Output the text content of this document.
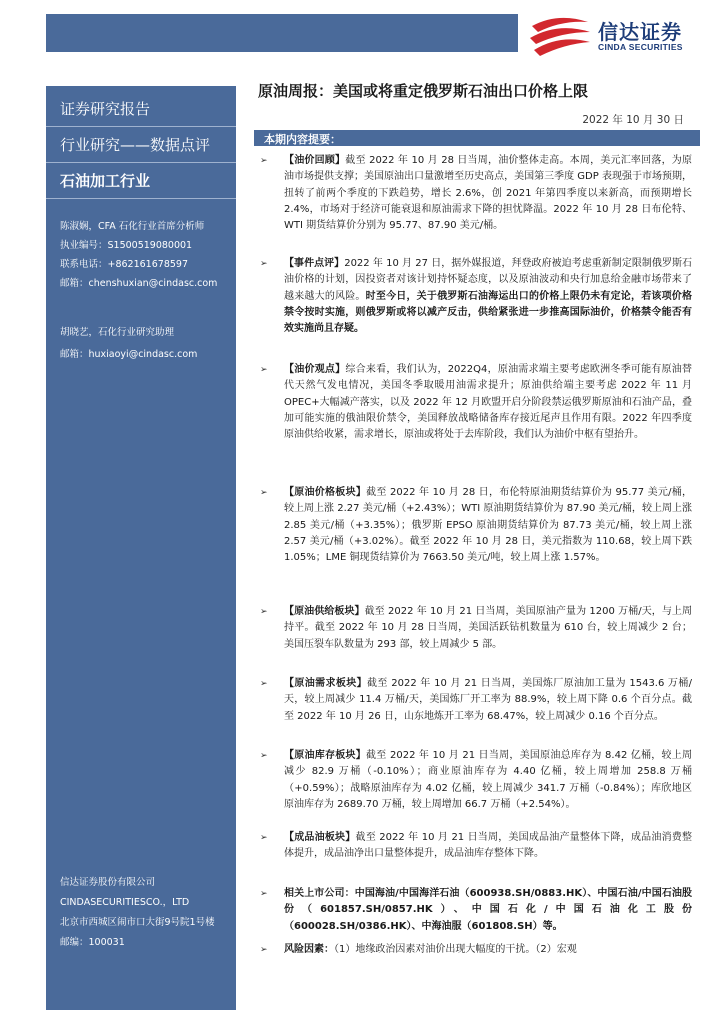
信达证券
CINDA SECURITIES
证券研究报告
行业研究——数据点评
石油加工行业
陈淑娴，CFA 石化行业首席分析师
执业编号：S1500519080001
联系电话：+862161678597
邮箱：chenshuxian@cindasc.com
胡晓艺，石化行业研究助理
邮箱：huxiaoyi@cindasc.com
信达证券股份有限公司
CINDASECURITIESCO.，LTD
北京市西城区闹市口大街9号院1号楼
邮编：100031
原油周报：美国或将重定俄罗斯石油出口价格上限
2022 年 10 月 30 日
本期内容提要：
➢	【油价回顾】截至 2022 年 10 月 28 日当周，油价整体走高。本周，美元汇率回落，为原油市场提供支撑；美国原油出口量激增至历史高点，美国第三季度 GDP 表现强于市场预期，扭转了前两个季度的下跌趋势，增长 2.6%，创 2021 年第四季度以来新高，而预期增长 2.4%，市场对于经济可能衰退和原油需求下降的担忧降温。2022 年 10 月 28 日布伦特、WTI 期货结算价分别为 95.77、87.90 美元/桶。
➢	【事件点评】2022 年 10 月 27 日，据外媒报道，拜登政府被迫考虑重新制定限制俄罗斯石油价格的计划，因投资者对该计划持怀疑态度，以及原油波动和央行加息给金融市场带来了越来越大的风险。时至今日，关于俄罗斯石油海运出口的价格上限仍未有定论，若该项价格禁令按时实施，则俄罗斯或将以减产反击，供给紧张进一步推高国际油价，价格禁令能否有效实施尚且存疑。
➢	【油价观点】综合来看，我们认为，2022Q4，原油需求端主要考虑欧洲冬季可能有原油替代天然气发电情况，美国冬季取暖用油需求提升；原油供给端主要考虑 2022 年 11 月 OPEC+大幅减产落实，以及 2022 年 12 月欧盟开启分阶段禁运俄罗斯原油和石油产品，叠加可能实施的俄油限价禁令，美国释放战略储备库存接近尾声且作用有限。2022 年四季度原油供给收紧，需求增长，原油或将处于去库阶段，我们认为油价中枢有望抬升。
➢	【原油价格板块】截至 2022 年 10 月 28 日，布伦特原油期货结算价为 95.77 美元/桶，较上周上涨 2.27 美元/桶（+2.43%）；WTI 原油期货结算价为 87.90 美元/桶，较上周上涨 2.85 美元/桶（+3.35%）；俄罗斯 EPSO 原油期货结算价为 87.73 美元/桶，较上周上涨 2.57 美元/桶（+3.02%）。截至 2022 年 10 月 28 日，美元指数为 110.68，较上周下跌 1.05%；LME 铜现货结算价为 7663.50 美元/吨，较上周上涨 1.57%。
➢	【原油供给板块】截至 2022 年 10 月 21 日当周，美国原油产量为 1200 万桶/天，与上周持平。截至 2022 年 10 月 28 日当周，美国活跃钻机数量为 610 台，较上周减少 2 台；美国压裂车队数量为 293 部，较上周减少 5 部。
➢	【原油需求板块】截至 2022 年 10 月 21 日当周，美国炼厂原油加工量为 1543.6 万桶/天，较上周减少 11.4 万桶/天，美国炼厂开工率为 88.9%，较上周下降 0.6 个百分点。截至 2022 年 10 月 26 日，山东地炼开工率为 68.47%，较上周减少 0.16 个百分点。
➢	【原油库存板块】截至 2022 年 10 月 21 日当周，美国原油总库存为 8.42 亿桶，较上周减少 82.9 万桶（-0.10%）；商业原油库存为 4.40 亿桶，较上周增加 258.8 万桶（+0.59%）；战略原油库存为 4.02 亿桶，较上周减少 341.7 万桶（-0.84%）；库欣地区原油库存为 2689.70 万桶，较上周增加 66.7 万桶（+2.54%）。
➢	【成品油板块】截至 2022 年 10 月 21 日当周，美国成品油产量整体下降，成品油消费整体提升，成品油净出口量整体提升，成品油库存整体下降。
➢	相关上市公司：中国海油/中国海洋石油（600938.SH/0883.HK）、中国石油/中国石油股份（601857.SH/0857.HK）、中国石化/中国石油化工股份（600028.SH/0386.HK）、中海油服（601808.SH）等。
➢	风险因素：（1）地缘政治因素对油价出现大幅度的干扰。（2）宏观
